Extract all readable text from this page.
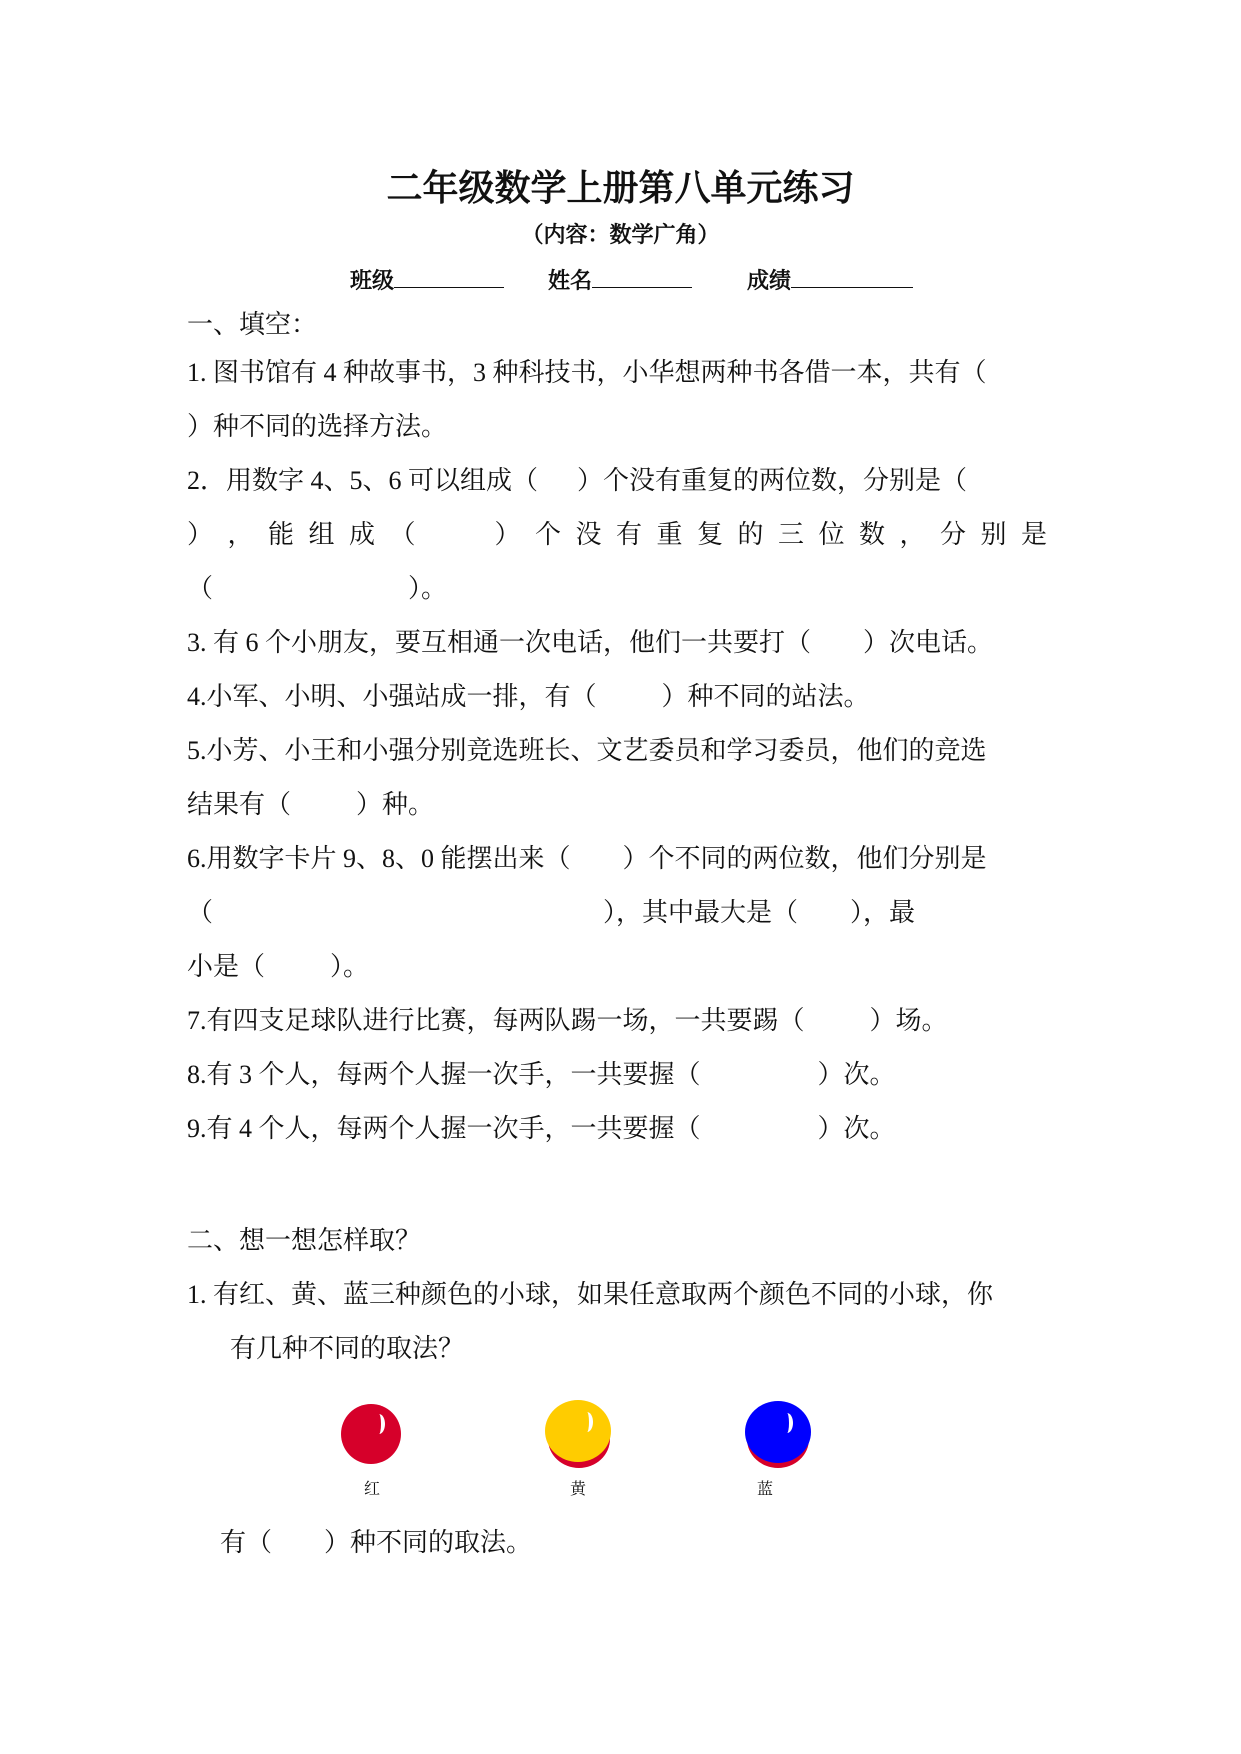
二年级数学上册第八单元练习
（内容：数学广角）
班级	姓名	成绩
一、填空：
1. 图书馆有 4 种故事书，3 种科技书，小华想两种书各借一本，共有（
）种不同的选择方法。
2．用数字 4、5、6 可以组成（      ）个没有重复的两位数，分别是（
） ， 能 组 成 （	） 个 没 有 重 复 的 三 位 数 ， 分 别 是
（                              ）。
3. 有 6 个小朋友，要互相通一次电话，他们一共要打（        ）次电话。
4.小军、小明、小强站成一排，有（          ）种不同的站法。
5.小芳、小王和小强分别竞选班长、文艺委员和学习委员，他们的竞选
结果有（          ）种。
6.用数字卡片 9、8、0 能摆出来（        ）个不同的两位数，他们分别是
（                                                            ），其中最大是（        ），最
小是（          ）。
7.有四支足球队进行比赛，每两队踢一场，一共要踢（          ）场。
8.有 3 个人，每两个人握一次手，一共要握（                  ）次。
9.有 4 个人，每两个人握一次手，一共要握（                  ）次。
二、想一想怎样取？
1. 有红、黄、蓝三种颜色的小球，如果任意取两个颜色不同的小球，你
有几种不同的取法？
红	黄	蓝
有（        ）种不同的取法。
